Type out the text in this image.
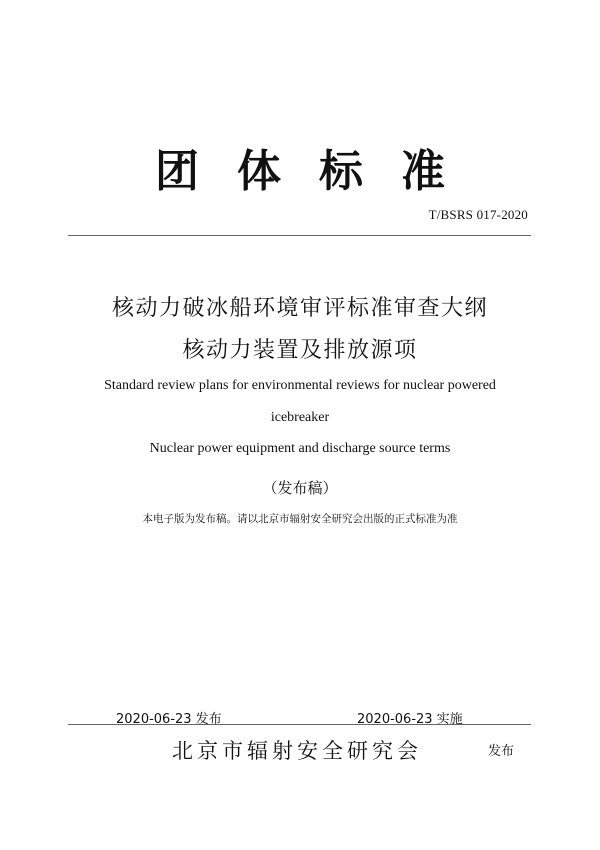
团体标准
T/BSRS 017-2020
核动力破冰船环境审评标准审查大纲
核动力装置及排放源项
Standard review plans for environmental reviews for nuclear powered
icebreaker
Nuclear power equipment and discharge source terms
（发布稿）
本电子版为发布稿。请以北京市辐射安全研究会出版的正式标准为准
2020-06-23 发布	2020-06-23 实施
北京市辐射安全研究会	发布
